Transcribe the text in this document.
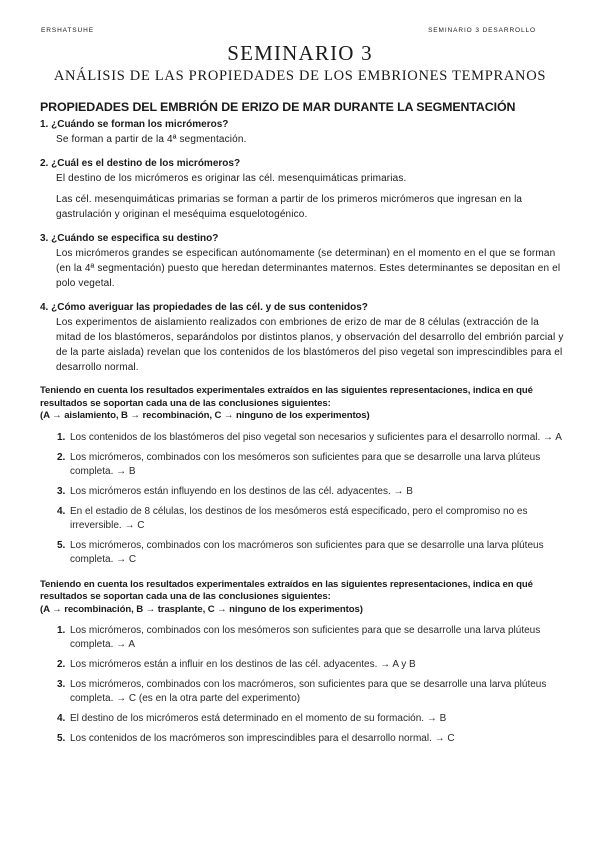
ERSHATSUHE	SEMINARIO 3 DESARROLLO
SEMINARIO 3
ANÁLISIS DE LAS PROPIEDADES DE LOS EMBRIONES TEMPRANOS
PROPIEDADES DEL EMBRIÓN DE ERIZO DE MAR DURANTE LA SEGMENTACIÓN
1. ¿Cuándo se forman los micrómeros?
Se forman a partir de la 4ª segmentación.
2. ¿Cuál es el destino de los micrómeros?
El destino de los micrómeros es originar las cél. mesenquimáticas primarias.
Las cél. mesenquimáticas primarias se forman a partir de los primeros micrómeros que ingresan en la gastrulación y originan el meséquima esquelotogénico.
3. ¿Cuándo se especifica su destino?
Los micrómeros grandes se especifican autónomamente (se determinan) en el momento en el que se forman (en la 4ª segmentación) puesto que heredan determinantes maternos. Estes determinantes se depositan en el polo vegetal.
4. ¿Cómo averiguar las propiedades de las cél. y de sus contenidos?
Los experimentos de aislamiento realizados con embriones de erizo de mar de 8 células (extracción de la mitad de los blastómeros, separándolos por distintos planos, y observación del desarrollo del embrión parcial y de la parte aislada) revelan que los contenidos de los blastómeros del piso vegetal son imprescindibles para el desarrollo normal.
Teniendo en cuenta los resultados experimentales extraídos en las siguientes representaciones, indica en qué resultados se soportan cada una de las conclusiones siguientes:
(A → aislamiento, B → recombinación, C → ninguno de los experimentos)
1. Los contenidos de los blastómeros del piso vegetal son necesarios y suficientes para el desarrollo normal. → A
2. Los micrómeros, combinados con los mesómeros son suficientes para que se desarrolle una larva plúteus completa. → B
3. Los micrómeros están influyendo en los destinos de las cél. adyacentes. → B
4. En el estadio de 8 células, los destinos de los mesómeros está especificado, pero el compromiso no es irreversible. → C
5. Los micrómeros, combinados con los macrómeros son suficientes para que se desarrolle una larva plúteus completa. → C
Teniendo en cuenta los resultados experimentales extraídos en las siguientes representaciones, indica en qué resultados se soportan cada una de las conclusiones siguientes:
(A → recombinación, B → trasplante, C → ninguno de los experimentos)
1. Los micrómeros, combinados con los mesómeros son suficientes para que se desarrolle una larva plúteus completa. → A
2. Los micrómeros están a influir en los destinos de las cél. adyacentes. → A y B
3. Los micrómeros, combinados con los macrómeros, son suficientes para que se desarrolle una larva plúteus completa. → C (es en la otra parte del experimento)
4. El destino de los micrómeros está determinado en el momento de su formación. → B
5. Los contenidos de los macrómeros son imprescindibles para el desarrollo normal. → C
